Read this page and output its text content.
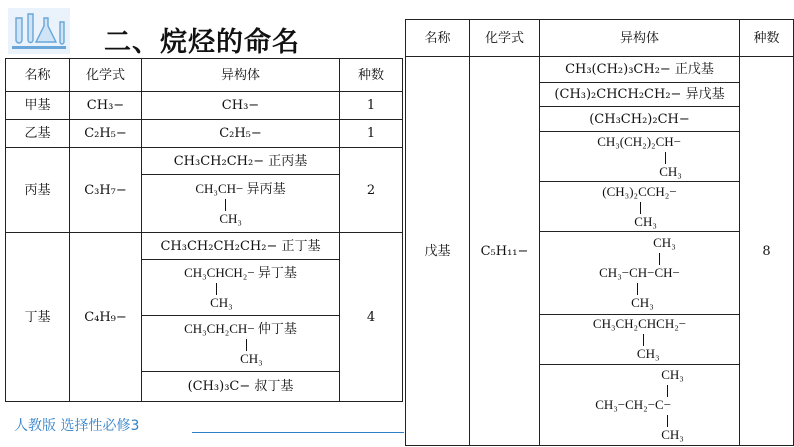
二、烷烃的命名
名称	化学式	异构体	种数
甲基	CH₃−	CH₃−	1
乙基	C₂H₅−	C₂H₅−	1
丙基	C₃H₇−	CH₃CH₂CH₂− 正丙基	2

		CH₃CH− 异丙基
CH₃	

丁基	C₄H₉−	CH₃CH₂CH₂CH₂− 正丁基	4

		CH₃CHCH₂− 异丁基
CH₃	

		CH₃CH₂CH− 仲丁基
CH₃	

		(CH₃)₃C− 叔丁基	
名称	化学式	异构体	种数
戊基	C₅H₁₁−	CH₃(CH₂)₃CH₂− 正戊基	8
		(CH₃)₂CHCH₂CH₂− 异戊基	
		(CH₃CH₂)₂CH−	

		CH₃(CH₂)₂CH−
CH₃	

		(CH₃)₂CCH₂−
CH₃	

		CH₃
CH₃−CH−CH−
CH₃	

		CH₃CH₂CHCH₂−
CH₃	

		CH₃
CH₃−CH₂−C−
CH₃	
人教版 选择性必修3
